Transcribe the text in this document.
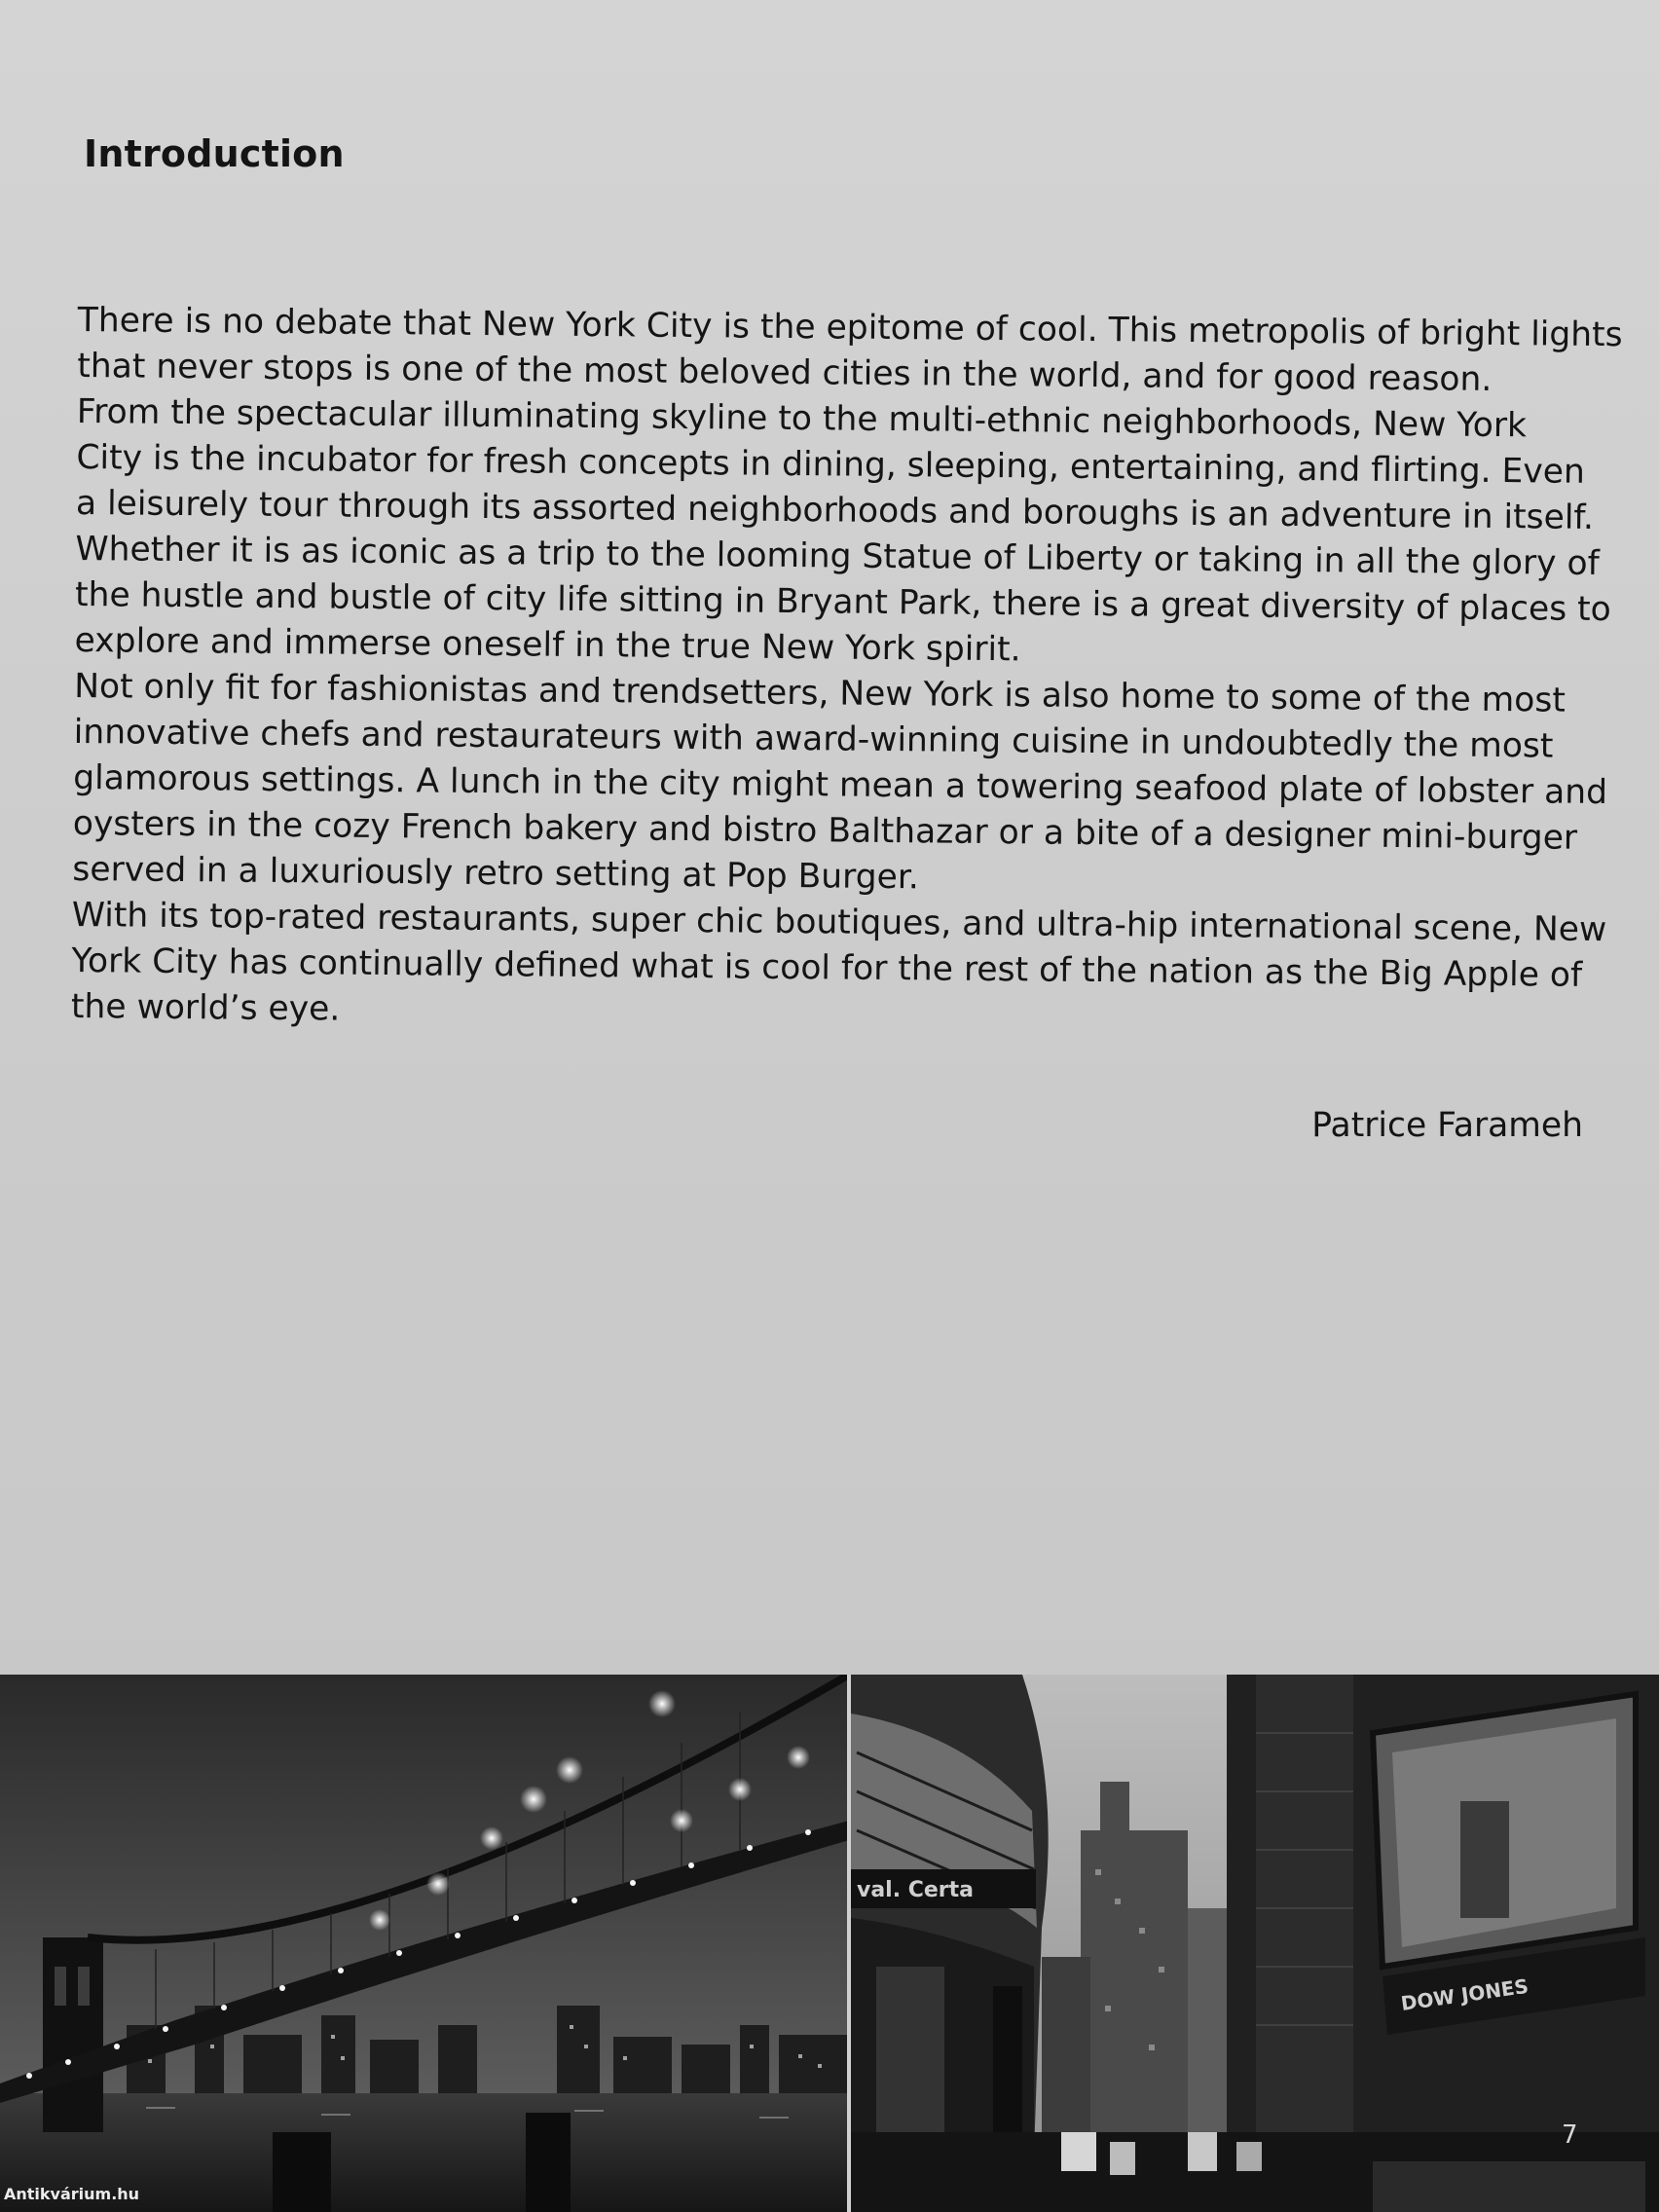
Introduction

There is no debate that New York City is the epitome of cool. This metropolis of bright lights
that never stops is one of the most beloved cities in the world, and for good reason.
From the spectacular illuminating skyline to the multi-ethnic neighborhoods, New York
City is the incubator for fresh concepts in dining, sleeping, entertaining, and flirting. Even
a leisurely tour through its assorted neighborhoods and boroughs is an adventure in itself.
Whether it is as iconic as a trip to the looming Statue of Liberty or taking in all the glory of
the hustle and bustle of city life sitting in Bryant Park, there is a great diversity of places to
explore and immerse oneself in the true New York spirit.
Not only fit for fashionistas and trendsetters, New York is also home to some of the most
innovative chefs and restaurateurs with award-winning cuisine in undoubtedly the most
glamorous settings. A lunch in the city might mean a towering seafood plate of lobster and
oysters in the cozy French bakery and bistro Balthazar or a bite of a designer mini-burger
served in a luxuriously retro setting at Pop Burger.
With its top-rated restaurants, super chic boutiques, and ultra-hip international scene, New
York City has continually defined what is cool for the rest of the nation as the Big Apple of
the world’s eye.

Patrice Farameh

val. Certa
DOW JONES
7
Antikvárium.hu
